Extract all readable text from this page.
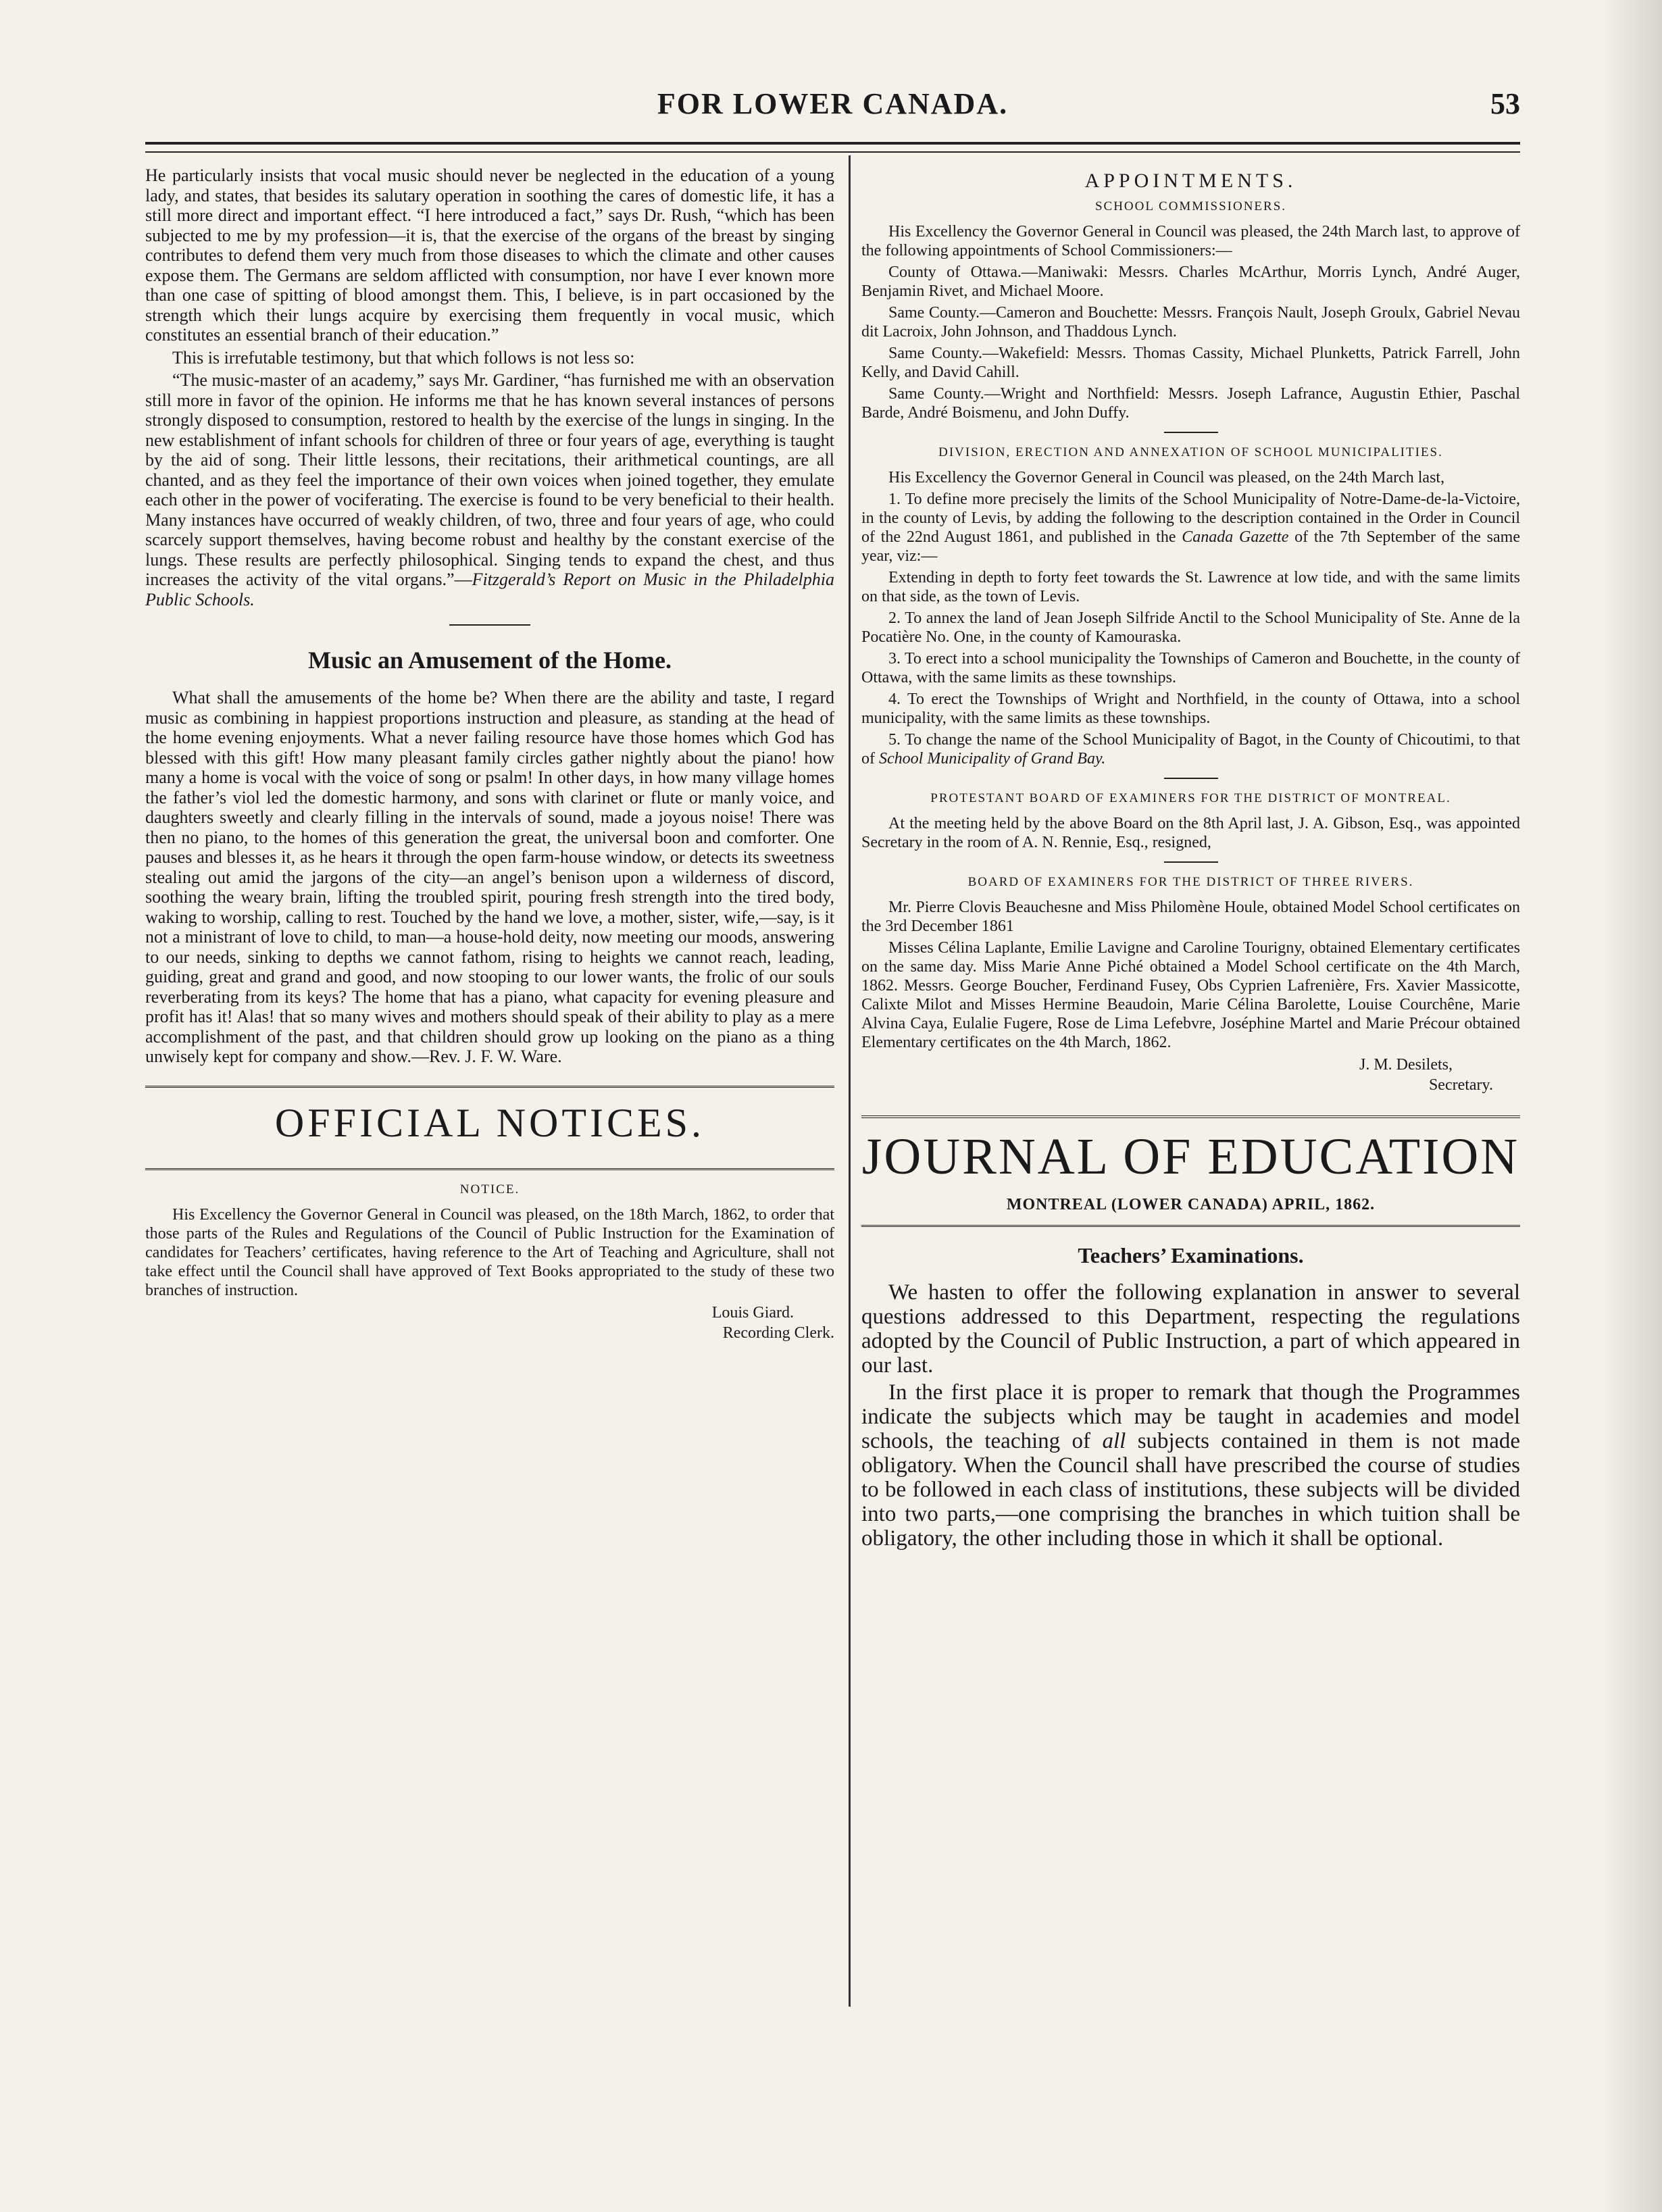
FOR LOWER CANADA.	53

He particularly insists that vocal music should never be neglected in the education of a young lady, and states, that besides its salutary operation in soothing the cares of domestic life, it has a still more direct and important effect. “I here introduced a fact,” says Dr. Rush, “which has been subjected to me by my profession—it is, that the exercise of the organs of the breast by singing contributes to defend them very much from those diseases to which the climate and other causes expose them. The Germans are seldom afflicted with consumption, nor have I ever known more than one case of spitting of blood amongst them. This, I believe, is in part occasioned by the strength which their lungs acquire by exercising them frequently in vocal music, which constitutes an essential branch of their education.”

This is irrefutable testimony, but that which follows is not less so:

“The music-master of an academy,” says Mr. Gardiner, “has furnished me with an observation still more in favor of the opinion. He informs me that he has known several instances of persons strongly disposed to consumption, restored to health by the exercise of the lungs in singing. In the new establishment of infant schools for children of three or four years of age, everything is taught by the aid of song. Their little lessons, their recitations, their arithmetical countings, are all chanted, and as they feel the importance of their own voices when joined together, they emulate each other in the power of vociferating. The exercise is found to be very beneficial to their health. Many instances have occurred of weakly children, of two, three and four years of age, who could scarcely support themselves, having become robust and healthy by the constant exercise of the lungs. These results are perfectly philosophical. Singing tends to expand the chest, and thus increases the activity of the vital organs.”—Fitzgerald’s Report on Music in the Philadelphia Public Schools.

Music an Amusement of the Home.

What shall the amusements of the home be? When there are the ability and taste, I regard music as combining in happiest proportions instruction and pleasure, as standing at the head of the home evening enjoyments. What a never failing resource have those homes which God has blessed with this gift! How many pleasant family circles gather nightly about the piano! how many a home is vocal with the voice of song or psalm! In other days, in how many village homes the father’s viol led the domestic harmony, and sons with clarinet or flute or manly voice, and daughters sweetly and clearly filling in the intervals of sound, made a joyous noise! There was then no piano, to the homes of this generation the great, the universal boon and comforter. One pauses and blesses it, as he hears it through the open farm-house window, or detects its sweetness stealing out amid the jargons of the city—an angel’s benison upon a wilderness of discord, soothing the weary brain, lifting the troubled spirit, pouring fresh strength into the tired body, waking to worship, calling to rest. Touched by the hand we love, a mother, sister, wife,—say, is it not a ministrant of love to child, to man—a house-hold deity, now meeting our moods, answering to our needs, sinking to depths we cannot fathom, rising to heights we cannot reach, leading, guiding, great and grand and good, and now stooping to our lower wants, the frolic of our souls reverberating from its keys? The home that has a piano, what capacity for evening pleasure and profit has it! Alas! that so many wives and mothers should speak of their ability to play as a mere accomplishment of the past, and that children should grow up looking on the piano as a thing unwisely kept for company and show.—Rev. J. F. W. Ware.

OFFICIAL NOTICES.
NOTICE.

His Excellency the Governor General in Council was pleased, on the 18th March, 1862, to order that those parts of the Rules and Regulations of the Council of Public Instruction for the Examination of candidates for Teachers’ certificates, having reference to the Art of Teaching and Agriculture, shall not take effect until the Council shall have approved of Text Books appropriated to the study of these two branches of instruction.

Louis Giard.
Recording Clerk.
APPOINTMENTS.
SCHOOL COMMISSIONERS.

His Excellency the Governor General in Council was pleased, the 24th March last, to approve of the following appointments of School Commissioners:—

County of Ottawa.—Maniwaki: Messrs. Charles McArthur, Morris Lynch, André Auger, Benjamin Rivet, and Michael Moore.

Same County.—Cameron and Bouchette: Messrs. François Nault, Joseph Groulx, Gabriel Nevau dit Lacroix, John Johnson, and Thaddous Lynch.

Same County.—Wakefield: Messrs. Thomas Cassity, Michael Plunketts, Patrick Farrell, John Kelly, and David Cahill.

Same County.—Wright and Northfield: Messrs. Joseph Lafrance, Augustin Ethier, Paschal Barde, André Boismenu, and John Duffy.

DIVISION, ERECTION AND ANNEXATION OF SCHOOL MUNICIPALITIES.

His Excellency the Governor General in Council was pleased, on the 24th March last,

1. To define more precisely the limits of the School Municipality of Notre-Dame-de-la-Victoire, in the county of Levis, by adding the following to the description contained in the Order in Council of the 22nd August 1861, and published in the Canada Gazette of the 7th September of the same year, viz:—

Extending in depth to forty feet towards the St. Lawrence at low tide, and with the same limits on that side, as the town of Levis.

2. To annex the land of Jean Joseph Silfride Anctil to the School Municipality of Ste. Anne de la Pocatière No. One, in the county of Kamouraska.

3. To erect into a school municipality the Townships of Cameron and Bouchette, in the county of Ottawa, with the same limits as these townships.

4. To erect the Townships of Wright and Northfield, in the county of Ottawa, into a school municipality, with the same limits as these townships.

5. To change the name of the School Municipality of Bagot, in the County of Chicoutimi, to that of School Municipality of Grand Bay.

PROTESTANT BOARD OF EXAMINERS FOR THE DISTRICT OF MONTREAL.

At the meeting held by the above Board on the 8th April last, J. A. Gibson, Esq., was appointed Secretary in the room of A. N. Rennie, Esq., resigned,

BOARD OF EXAMINERS FOR THE DISTRICT OF THREE RIVERS.

Mr. Pierre Clovis Beauchesne and Miss Philomène Houle, obtained Model School certificates on the 3rd December 1861

Misses Célina Laplante, Emilie Lavigne and Caroline Tourigny, obtained Elementary certificates on the same day. Miss Marie Anne Piché obtained a Model School certificate on the 4th March, 1862. Messrs. George Boucher, Ferdinand Fusey, Obs Cyprien Lafrenière, Frs. Xavier Massicotte, Calixte Milot and Misses Hermine Beaudoin, Marie Célina Barolette, Louise Courchêne, Marie Alvina Caya, Eulalie Fugere, Rose de Lima Lefebvre, Joséphine Martel and Marie Précour obtained Elementary certificates on the 4th March, 1862.

J. M. Desilets,
Secretary.
JOURNAL OF EDUCATION
MONTREAL (LOWER CANADA) APRIL, 1862.
Teachers’ Examinations.

We hasten to offer the following explanation in answer to several questions addressed to this Department, respecting the regulations adopted by the Council of Public Instruction, a part of which appeared in our last.

In the first place it is proper to remark that though the Programmes indicate the subjects which may be taught in academies and model schools, the teaching of all subjects contained in them is not made obligatory. When the Council shall have prescribed the course of studies to be followed in each class of institutions, these subjects will be divided into two parts,—one comprising the branches in which tuition shall be obligatory, the other including those in which it shall be optional.
